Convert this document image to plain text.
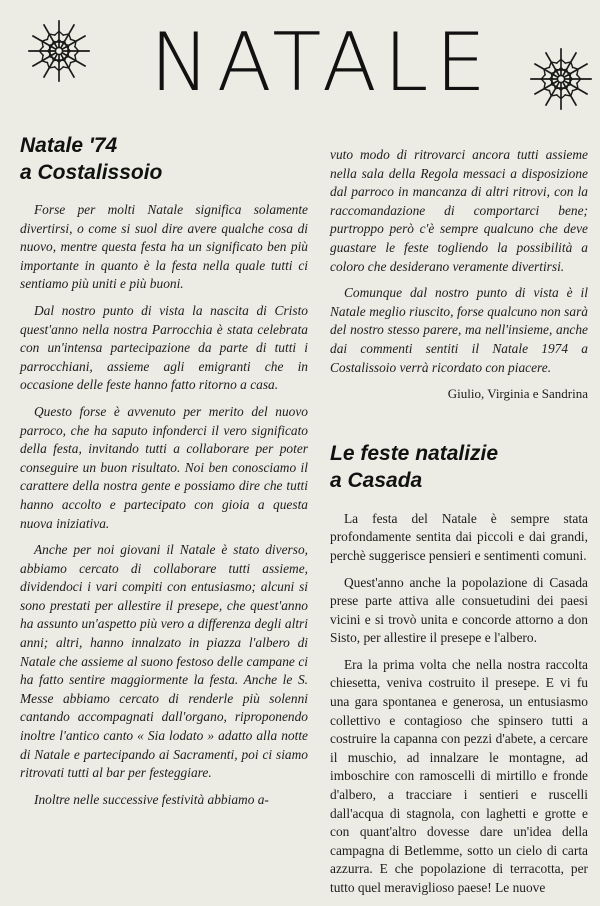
NATALE
Natale '74
a Costalissoio

Forse per molti Natale significa solamente divertirsi, o come si suol dire avere qualche cosa di nuovo, mentre questa festa ha un significato ben più importante in quanto è la festa nella quale tutti ci sentiamo più uniti e più buoni.

Dal nostro punto di vista la nascita di Cristo quest'anno nella nostra Parrocchia è stata celebrata con un'intensa partecipazione da parte di tutti i parrocchiani, assieme agli emigranti che in occasione delle feste hanno fatto ritorno a casa.

Questo forse è avvenuto per merito del nuovo parroco, che ha saputo infonderci il vero significato della festa, invitando tutti a collaborare per poter conseguire un buon risultato. Noi ben conosciamo il carattere della nostra gente e possiamo dire che tutti hanno accolto e partecipato con gioia a questa nuova iniziativa.

Anche per noi giovani il Natale è stato diverso, abbiamo cercato di collaborare tutti assieme, dividendoci i vari compiti con entusiasmo; alcuni si sono prestati per allestire il presepe, che quest'anno ha assunto un'aspetto più vero a differenza degli altri anni; altri, hanno innalzato in piazza l'albero di Natale che assieme al suono festoso delle campane ci ha fatto sentire maggiormente la festa. Anche le S. Messe abbiamo cercato di renderle più solenni cantando accompagnati dall'organo, riproponendo inoltre l'antico canto « Sia lodato » adatto alla notte di Natale e partecipando ai Sacramenti, poi ci siamo ritrovati tutti al bar per festeggiare.

Inoltre nelle successive festività abbiamo a-

vuto modo di ritrovarci ancora tutti assieme nella sala della Regola messaci a disposizione dal parroco in mancanza di altri ritrovi, con la raccomandazione di comportarci bene; purtroppo però c'è sempre qualcuno che deve guastare le feste togliendo la possibilità a coloro che desiderano veramente divertirsi.

Comunque dal nostro punto di vista è il Natale meglio riuscito, forse qualcuno non sarà del nostro stesso parere, ma nell'insieme, anche dai commenti sentiti il Natale 1974 a Costalissoio verrà ricordato con piacere.

Giulio, Virginia e Sandrina
Le feste natalizie
a Casada

La festa del Natale è sempre stata profondamente sentita dai piccoli e dai grandi, perchè suggerisce pensieri e sentimenti comuni.

Quest'anno anche la popolazione di Casada prese parte attiva alle consuetudini dei paesi vicini e si trovò unita e concorde attorno a don Sisto, per allestire il presepe e l'albero.

Era la prima volta che nella nostra raccolta chiesetta, veniva costruito il presepe. E vi fu una gara spontanea e generosa, un entusiasmo collettivo e contagioso che spinsero tutti a costruire la capanna con pezzi d'abete, a cercare il muschio, ad innalzare le montagne, ad imboschire con ramoscelli di mirtillo e fronde d'albero, a tracciare i sentieri e ruscelli dall'acqua di stagnola, con laghetti e grotte e con quant'altro dovesse dare un'idea della campagna di Betlemme, sotto un cielo di carta azzurra. E che popolazione di terracotta, per tutto quel meraviglioso paese! Le nuove
